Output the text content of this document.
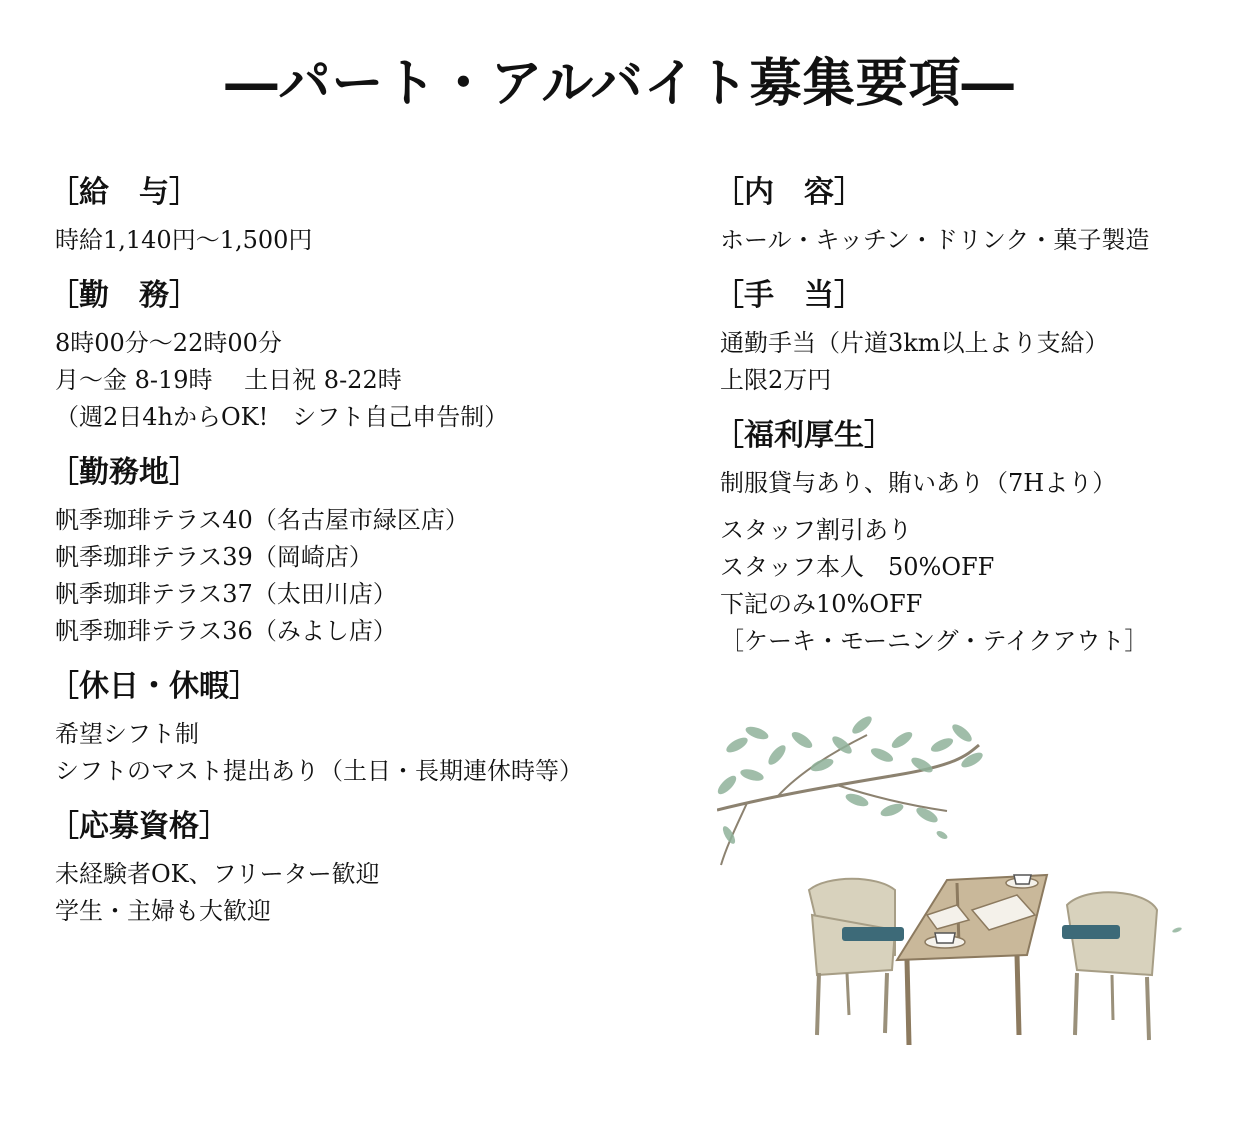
―パート・アルバイト募集要項―
［給　与］

時給1,140円～1,500円

［勤　務］

8時00分～22時00分

月～金 8-19時　 土日祝 8-22時

（週2日4hからOK!　シフト自己申告制）

［勤務地］

帆季珈琲テラス40（名古屋市緑区店）

帆季珈琲テラス39（岡崎店）

帆季珈琲テラス37（太田川店）

帆季珈琲テラス36（みよし店）

［休日・休暇］

希望シフト制

シフトのマスト提出あり（土日・長期連休時等）

［応募資格］

未経験者OK、フリーター歓迎

学生・主婦も大歓迎

［内　容］

ホール・キッチン・ドリンク・菓子製造

［手　当］

通勤手当（片道3km以上より支給）

上限2万円

［福利厚生］

制服貸与あり、賄いあり（7Hより）

スタッフ割引あり

スタッフ本人　50%OFF

下記のみ10%OFF

［ケーキ・モーニング・テイクアウト］
